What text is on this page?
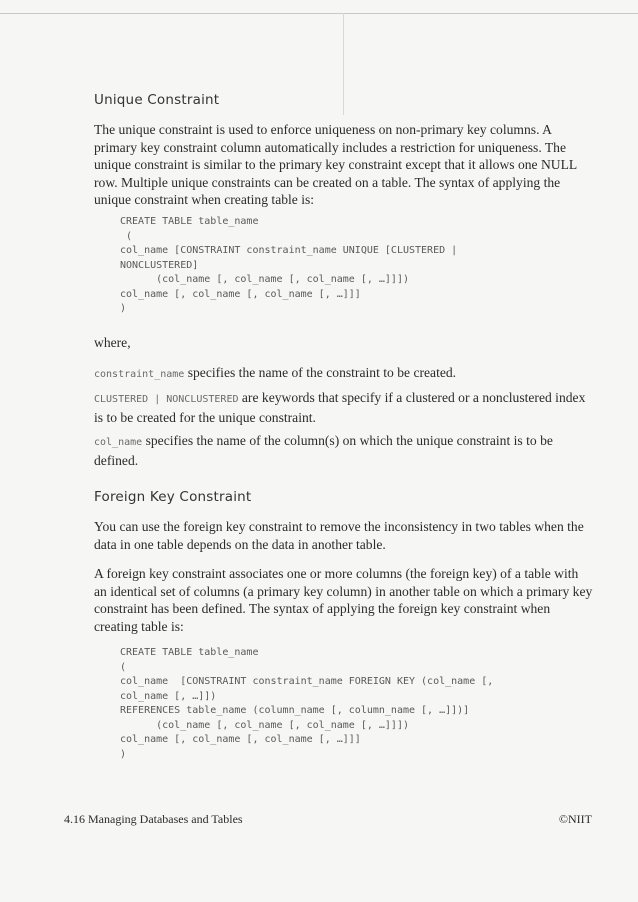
Unique Constraint

The unique constraint is used to enforce uniqueness on non-primary key columns. A primary key constraint column automatically includes a restriction for uniqueness. The unique constraint is similar to the primary key constraint except that it allows one NULL row. Multiple unique constraints can be created on a table. The syntax of applying the unique constraint when creating table is:

CREATE TABLE table_name
(
col_name [CONSTRAINT constraint_name UNIQUE [CLUSTERED |
NONCLUSTERED]
(col_name [, col_name [, col_name [, …]]])
col_name [, col_name [, col_name [, …]]]
)

where,

constraint_name specifies the name of the constraint to be created.

CLUSTERED | NONCLUSTERED are keywords that specify if a clustered or a nonclustered index is to be created for the unique constraint.

col_name specifies the name of the column(s) on which the unique constraint is to be defined.

Foreign Key Constraint

You can use the foreign key constraint to remove the inconsistency in two tables when the data in one table depends on the data in another table.

A foreign key constraint associates one or more columns (the foreign key) of a table with an identical set of columns (a primary key column) in another table on which a primary key constraint has been defined. The syntax of applying the foreign key constraint when creating table is:

CREATE TABLE table_name
(
col_name  [CONSTRAINT constraint_name FOREIGN KEY (col_name [,
col_name [, …]])
REFERENCES table_name (column_name [, column_name [, …]])]
(col_name [, col_name [, col_name [, …]]])
col_name [, col_name [, col_name [, …]]]
)
4.16 Managing Databases and Tables	©NIIT
